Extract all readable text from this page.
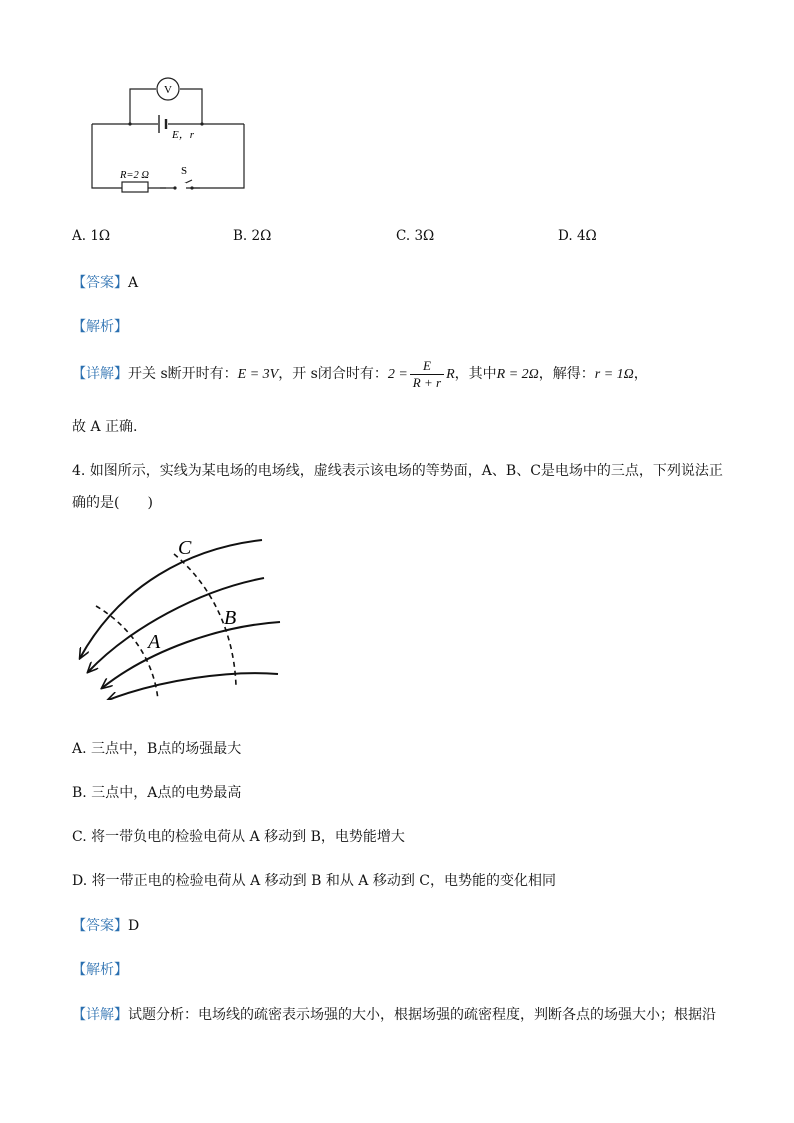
V
E，r
R=2 Ω	S
A. 1Ω	B. 2Ω	C. 3Ω	D. 4Ω
【答案】A
【解析】
【详解】开关 s断开时有：E = 3V，开 s闭合时有：$2 = \frac{E}{R + r}$ R，其中R = 2Ω，解得：r = 1Ω，
故 A 正确.
4. 如图所示，实线为某电场的电场线，虚线表示该电场的等势面，A、B、C是电场中的三点，下列说法正
确的是(　　)
C
B
A
A. 三点中，B点的场强最大
B. 三点中，A点的电势最高
C. 将一带负电的检验电荷从 A 移动到 B，电势能增大
D. 将一带正电的检验电荷从 A 移动到 B 和从 A 移动到 C，电势能的变化相同
【答案】D
【解析】
【详解】试题分析：电场线的疏密表示场强的大小，根据场强的疏密程度，判断各点的场强大小；根据沿
